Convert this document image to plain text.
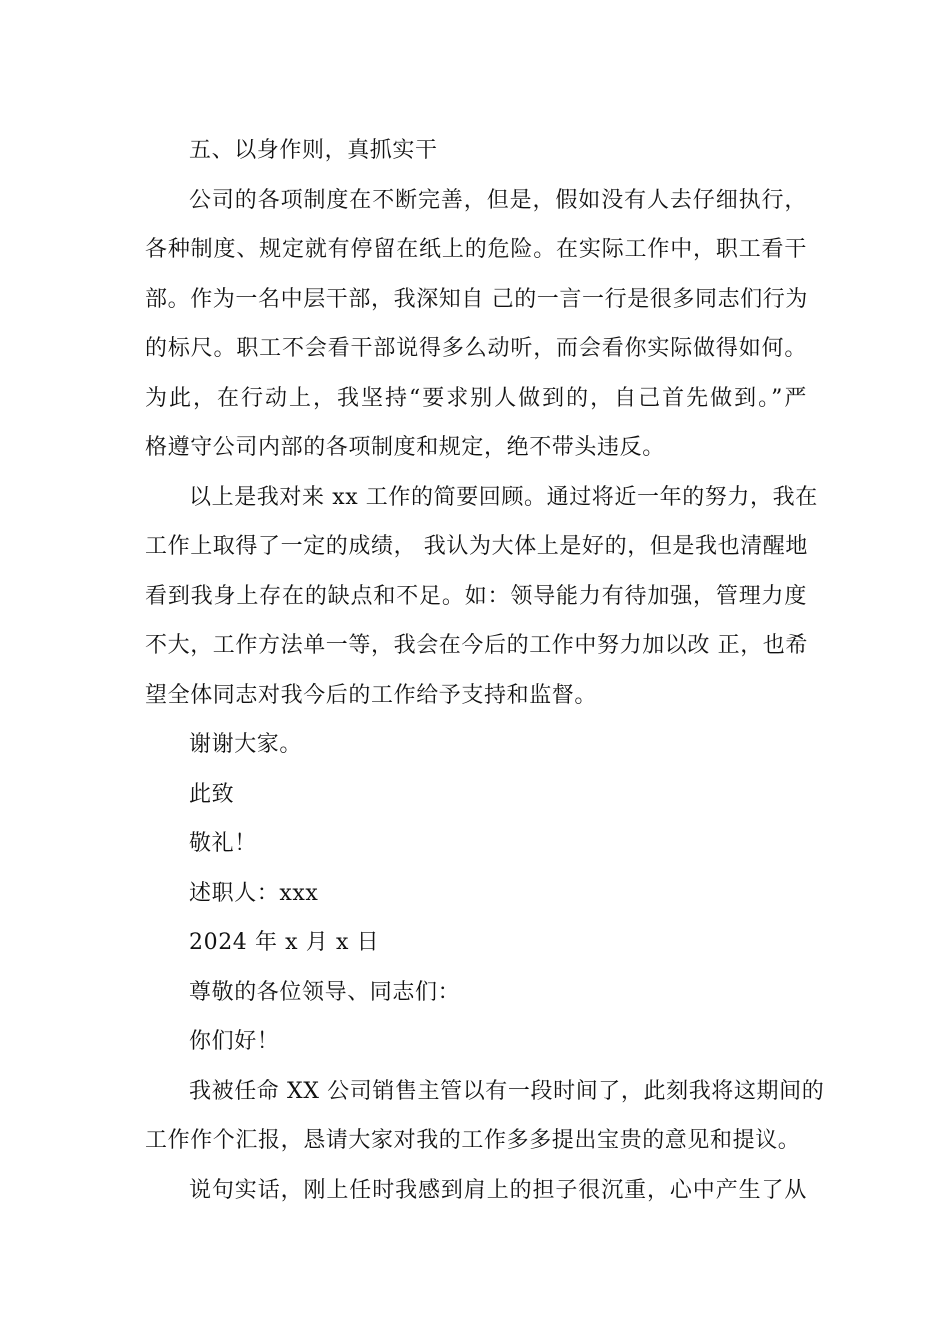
五、以身作则，真抓实干

公司的各项制度在不断完善，但是，假如没有人去仔细执行，
各种制度、规定就有停留在纸上的危险。在实际工作中，职工看干
部。作为一名中层干部，我深知自 己的一言一行是很多同志们行为
的标尺。职工不会看干部说得多么动听，而会看你实际做得如何。
为此，在行动上，我坚持“要求别人做到的，自己首先做到。”严
格遵守公司内部的各项制度和规定，绝不带头违反。
以上是我对来 xx 工作的简要回顾。通过将近一年的努力，我在
工作上取得了一定的成绩， 我认为大体上是好的，但是我也清醒地
看到我身上存在的缺点和不足。如：领导能力有待加强，管理力度
不大，工作方法单一等，我会在今后的工作中努力加以改 正，也希
望全体同志对我今后的工作给予支持和监督。

谢谢大家。

此致

敬礼！

述职人：xxx

2024 年 x 月 x 日

尊敬的各位领导、同志们：

你们好！

我被任命 XX 公司销售主管以有一段时间了，此刻我将这期间的
工作作个汇报，恳请大家对我的工作多多提出宝贵的意见和提议。
说句实话，刚上任时我感到肩上的担子很沉重，心中产生了从
